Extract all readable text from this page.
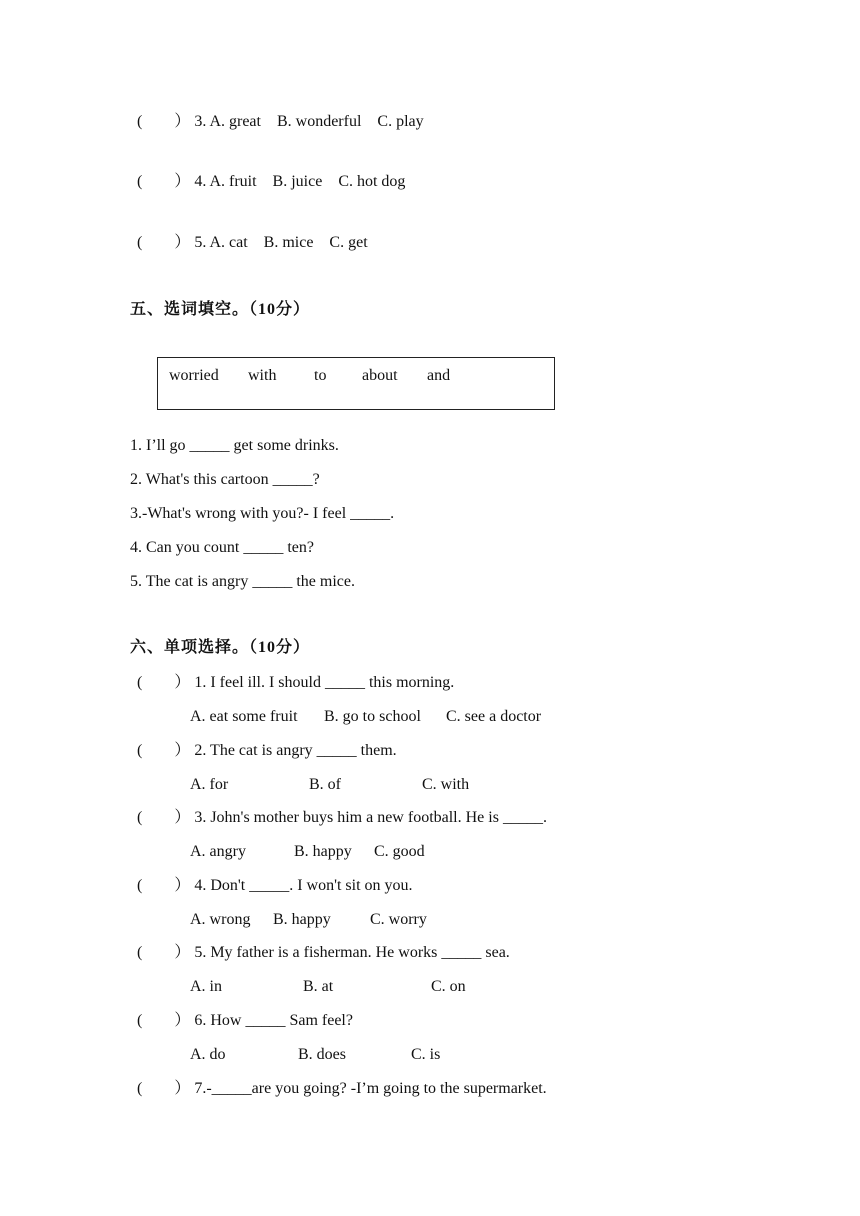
(　　） 3. A. great    B. wonderful    C. play
(　　） 4. A. fruit    B. juice    C. hot dog
(　　） 5. A. cat    B. mice    C. get
五、选词填空。（10分）
worried with to about and
1. I’ll go _____ get some drinks.
2. What's this cartoon _____?
3.-What's wrong with you?- I feel _____.
4. Can you count _____ ten?
5. The cat is angry _____ the mice.
六、单项选择。（10分）
(　　） 1. I feel ill. I should _____ this morning.
A. eat some fruit B. go to school C. see a doctor
(　　） 2. The cat is angry _____ them.
A. for	B. of	C. with
(　　） 3. John's mother buys him a new football. He is _____.
A. angry	B. happy C. good
(　　） 4. Don't _____. I won't sit on you.
A. wrong B. happy C. worry
(　　） 5. My father is a fisherman. He works _____ sea.
A. in	B. at	C. on
(　　） 6. How _____ Sam feel?
A. do	B. does	C. is
(　　） 7.-_____are you going? -I’m going to the supermarket.
